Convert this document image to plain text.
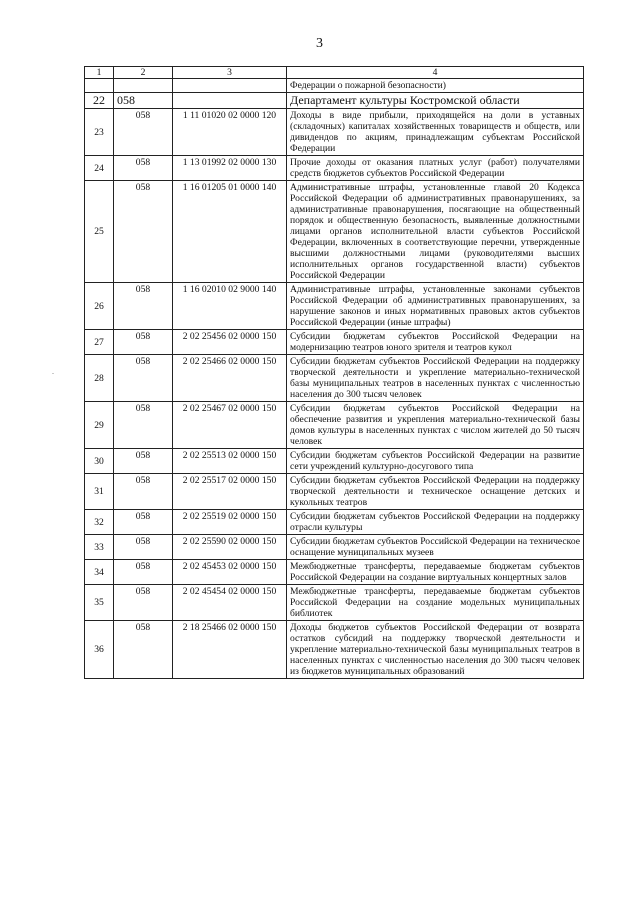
3
.
1	2	3	4
			Федерации о пожарной безопасности)
22	058		Департамент культуры Костромской области
23	058	1 11 01020 02 0000 120	Доходы в виде прибыли, приходящейся на доли в уставных (складочных) капиталах хозяйственных товариществ и обществ, или дивидендов по акциям, принадлежащим субъектам Российской Федерации
24	058	1 13 01992 02 0000 130	Прочие доходы от оказания платных услуг (работ) получателями средств бюджетов субъектов Российской Федерации
25	058	1 16 01205 01 0000 140	Административные штрафы, установленные главой 20 Кодекса Российской Федерации об административных правонарушениях, за административные правонарушения, посягающие на общественный порядок и общественную безопасность, выявленные должностными лицами органов исполнительной власти субъектов Российской Федерации, включенных в соответствующие перечни, утвержденные высшими должностными лицами (руководителями высших исполнительных органов государственной власти) субъектов Российской Федерации
26	058	1 16 02010 02 9000 140	Административные штрафы, установленные законами субъектов Российской Федерации об административных правонарушениях, за нарушение законов и иных нормативных правовых актов субъектов Российской Федерации (иные штрафы)
27	058	2 02 25456 02 0000 150	Субсидии бюджетам субъектов Российской Федерации на модернизацию театров юного зрителя и театров кукол
28	058	2 02 25466 02 0000 150	Субсидии бюджетам субъектов Российской Федерации на поддержку творческой деятельности и укрепление материально-технической базы муниципальных театров в населенных пунктах с численностью населения до 300 тысяч человек
29	058	2 02 25467 02 0000 150	Субсидии бюджетам субъектов Российской Федерации на обеспечение развития и укрепления материально-технической базы домов культуры в населенных пунктах с числом жителей до 50 тысяч человек
30	058	2 02 25513 02 0000 150	Субсидии бюджетам субъектов Российской Федерации на развитие сети учреждений культурно-досугового типа
31	058	2 02 25517 02 0000 150	Субсидии бюджетам субъектов Российской Федерации на поддержку творческой деятельности и техническое оснащение детских и кукольных театров
32	058	2 02 25519 02 0000 150	Субсидии бюджетам субъектов Российской Федерации на поддержку отрасли культуры
33	058	2 02 25590 02 0000 150	Субсидии бюджетам субъектов Российской Федерации на техническое оснащение муниципальных музеев
34	058	2 02 45453 02 0000 150	Межбюджетные трансферты, передаваемые бюджетам субъектов Российской Федерации на создание виртуальных концертных залов
35	058	2 02 45454 02 0000 150	Межбюджетные трансферты, передаваемые бюджетам субъектов Российской Федерации на создание модельных муниципальных библиотек
36	058	2 18 25466 02 0000 150	Доходы бюджетов субъектов Российской Федерации от возврата остатков субсидий на поддержку творческой деятельности и укрепление материально-технической базы муниципальных театров в населенных пунктах с численностью населения до 300 тысяч человек из бюджетов муниципальных образований
